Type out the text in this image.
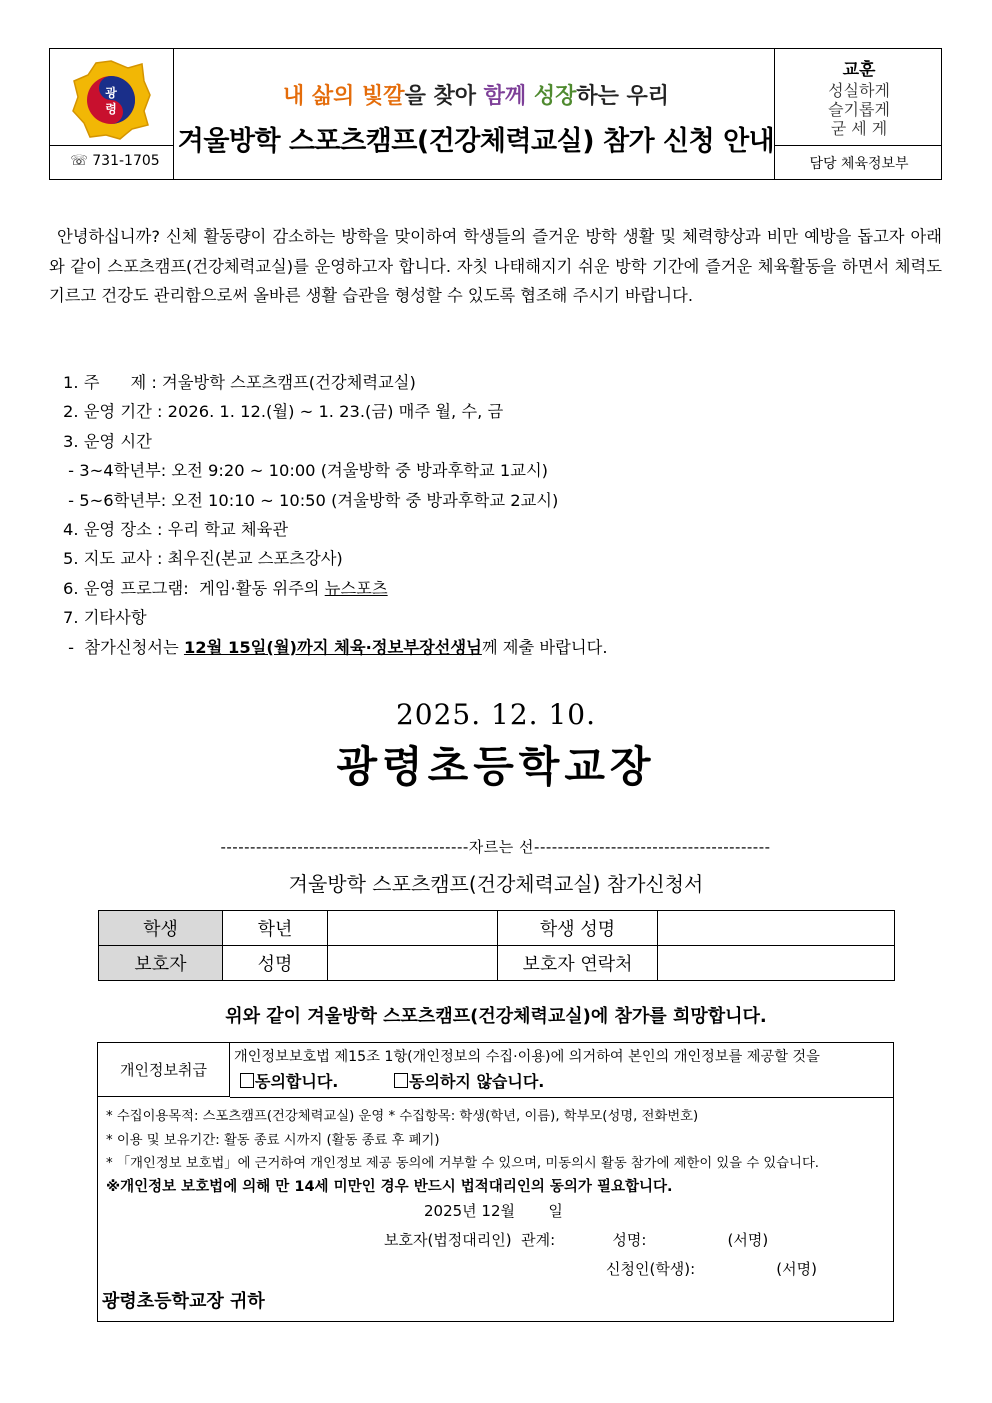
광
령
☏ 731-1705
내 삶의 빛깔을 찾아 함께 성장하는 우리
겨울방학 스포츠캠프(건강체력교실) 참가 신청 안내
교훈
성실하게
슬기롭게
굳 세 게
담당 체육정보부
안녕하십니까? 신체 활동량이 감소하는 방학을 맞이하여 학생들의 즐거운 방학 생활 및 체력향상과 비만 예방을 돕고자 아래와 같이 스포츠캠프(건강체력교실)를 운영하고자 합니다. 자칫 나태해지기 쉬운 방학 기간에 즐거운 체육활동을 하면서 체력도 기르고 건강도 관리함으로써 올바른 생활 습관을 형성할 수 있도록 협조해 주시기 바랍니다.
1. 주      제 : 겨울방학 스포츠캠프(건강체력교실)
2. 운영 기간 : 2026. 1. 12.(월) ~ 1. 23.(금) 매주 월, 수, 금
3. 운영 시간
- 3~4학년부: 오전 9:20 ~ 10:00 (겨울방학 중 방과후학교 1교시)
- 5~6학년부: 오전 10:10 ~ 10:50 (겨울방학 중 방과후학교 2교시)
4. 운영 장소 : 우리 학교 체육관
5. 지도 교사 : 최우진(본교 스포츠강사)
6. 운영 프로그램:  게임·활동 위주의 뉴스포츠
7. 기타사항
-  참가신청서는 12월 15일(월)까지 체육·정보부장선생님께 제출 바랍니다.
2025. 12. 10.
광령초등학교장
------------------------------------------자르는 선----------------------------------------
겨울방학 스포츠캠프(건강체력교실) 참가신청서
학생	학년		학생 성명	
보호자	성명		보호자 연락처	
위와 같이 겨울방학 스포츠캠프(건강체력교실)에 참가를 희망합니다.
개인정보취급
개인정보보호법 제15조 1항(개인정보의 수집·이용)에 의거하여 본인의 개인정보를 제공할 것을
동의합니다.	동의하지 않습니다.
* 수집이용목적: 스포츠캠프(건강체력교실) 운영 * 수집항목: 학생(학년, 이름), 학부모(성명, 전화번호)
* 이용 및 보유기간: 활동 종료 시까지 (활동 종료 후 폐기)
* 「개인정보 보호법」에 근거하여 개인정보 제공 동의에 거부할 수 있으며, 미동의시 활동 참가에 제한이 있을 수 있습니다.
※개인정보 보호법에 의해 만 14세 미만인 경우 반드시 법적대리인의 동의가 필요합니다.
2025년 12월       일
보호자(법정대리인)  관계:            성명:                 (서명)
신청인(학생):                 (서명)
광령초등학교장 귀하
